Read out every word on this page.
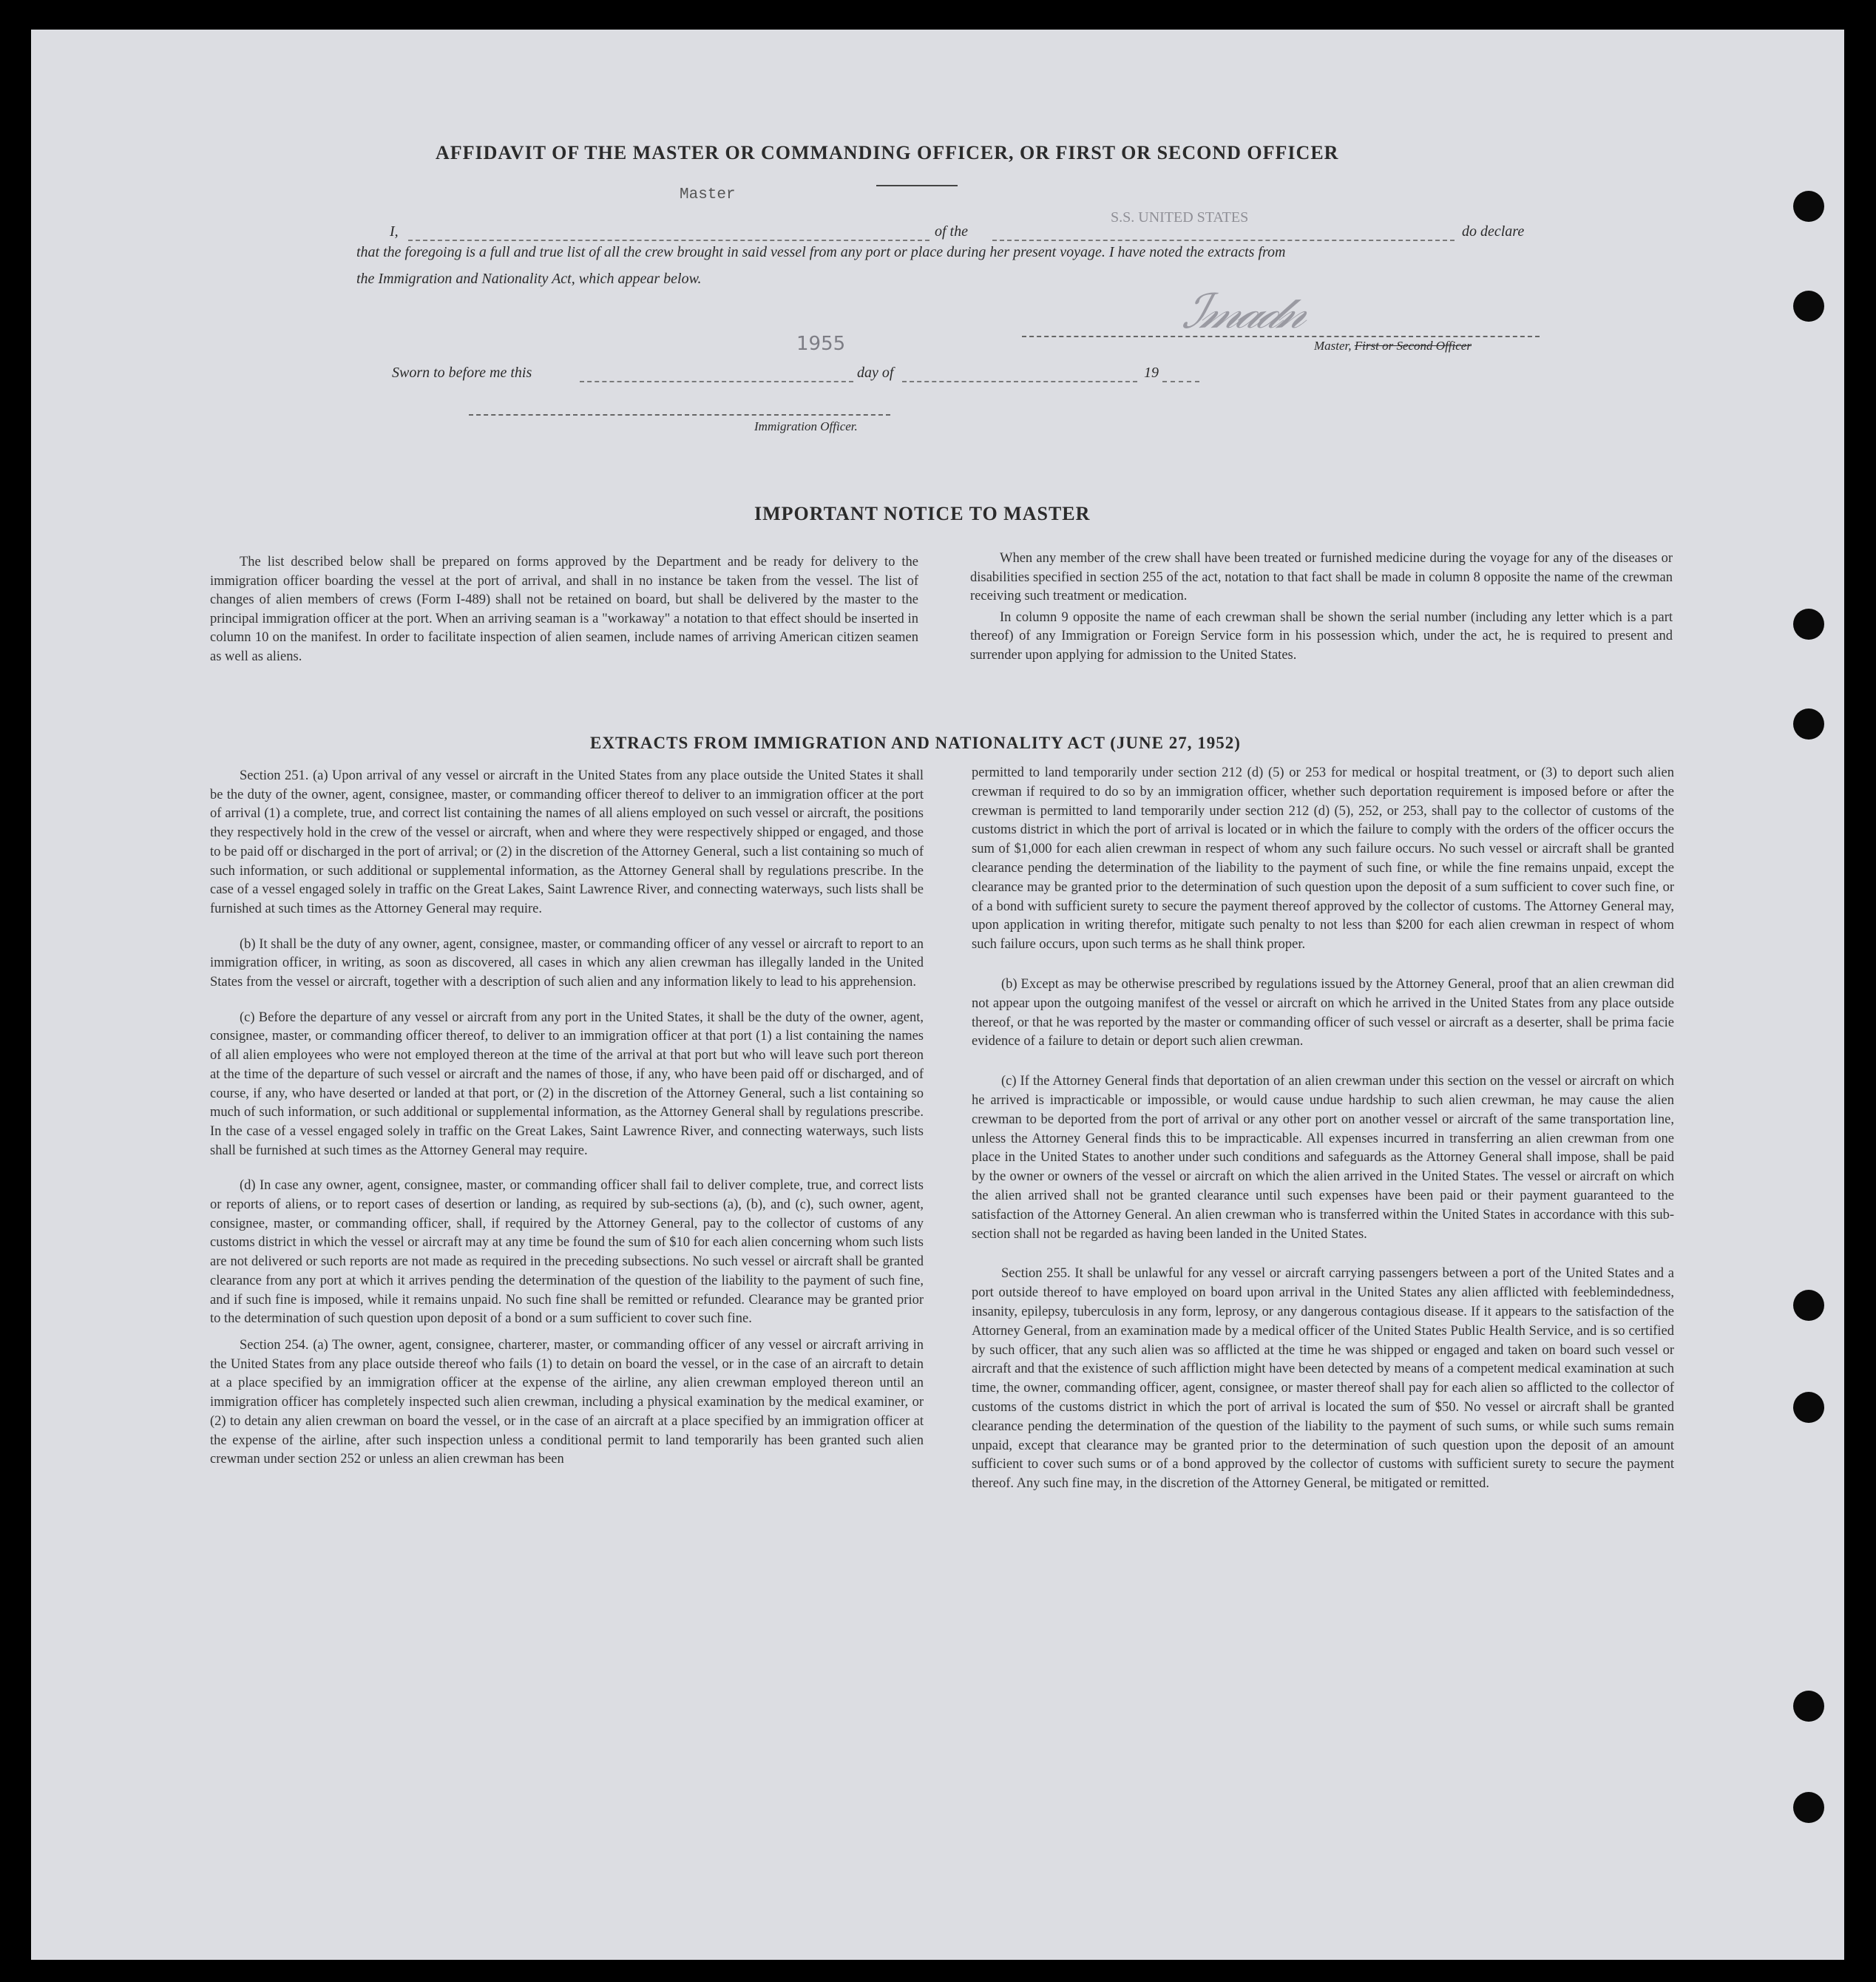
AFFIDAVIT OF THE MASTER OR COMMANDING OFFICER, OR FIRST OR SECOND OFFICER
Master
I,	of the
S.S. UNITED STATES
do declare
that the foregoing is a full and true list of all the crew brought in said vessel from any port or place during her present voyage. I have noted the extracts from
the Immigration and Nationality Act, which appear below.
ℐ𝓂𝒶𝒹𝓃
Master, First or Second Officer
1955
Sworn to before me this	day of	19
Immigration Officer.
IMPORTANT NOTICE TO MASTER

The list described below shall be prepared on forms approved by the Department and be ready for delivery to the immigration officer boarding the vessel at the port of arrival, and shall in no instance be taken from the vessel. The list of changes of alien members of crews (Form I-489) shall not be retained on board, but shall be delivered by the master to the principal immigration officer at the port. When an arriving seaman is a "workaway" a notation to that effect should be inserted in column 10 on the manifest. In order to facilitate inspection of alien seamen, include names of arriving American citizen seamen as well as aliens.

When any member of the crew shall have been treated or furnished medicine during the voyage for any of the diseases or disabilities specified in section 255 of the act, notation to that fact shall be made in column 8 opposite the name of the crewman receiving such treatment or medication.

In column 9 opposite the name of each crewman shall be shown the serial number (including any letter which is a part thereof) of any Immigration or Foreign Service form in his possession which, under the act, he is required to present and surrender upon applying for admission to the United States.

EXTRACTS FROM IMMIGRATION AND NATIONALITY ACT (JUNE 27, 1952)

Section 251. (a) Upon arrival of any vessel or aircraft in the United States from any place outside the United States it shall be the duty of the owner, agent, consignee, master, or commanding officer thereof to deliver to an immigration officer at the port of arrival (1) a complete, true, and correct list containing the names of all aliens employed on such vessel or aircraft, the positions they respectively hold in the crew of the vessel or aircraft, when and where they were respectively shipped or engaged, and those to be paid off or discharged in the port of arrival; or (2) in the discretion of the Attorney General, such a list containing so much of such information, or such additional or supplemental information, as the Attorney General shall by regulations prescribe. In the case of a vessel engaged solely in traffic on the Great Lakes, Saint Lawrence River, and connecting waterways, such lists shall be furnished at such times as the Attorney General may require.

(b) It shall be the duty of any owner, agent, consignee, master, or commanding officer of any vessel or aircraft to report to an immigration officer, in writing, as soon as discovered, all cases in which any alien crewman has illegally landed in the United States from the vessel or aircraft, together with a description of such alien and any information likely to lead to his apprehension.

(c) Before the departure of any vessel or aircraft from any port in the United States, it shall be the duty of the owner, agent, consignee, master, or commanding officer thereof, to deliver to an immigration officer at that port (1) a list containing the names of all alien employees who were not employed thereon at the time of the arrival at that port but who will leave such port thereon at the time of the departure of such vessel or aircraft and the names of those, if any, who have been paid off or discharged, and of course, if any, who have deserted or landed at that port, or (2) in the discretion of the Attorney General, such a list containing so much of such information, or such additional or supplemental information, as the Attorney General shall by regulations prescribe. In the case of a vessel engaged solely in traffic on the Great Lakes, Saint Lawrence River, and connecting waterways, such lists shall be furnished at such times as the Attorney General may require.

(d) In case any owner, agent, consignee, master, or commanding officer shall fail to deliver complete, true, and correct lists or reports of aliens, or to report cases of desertion or landing, as required by sub-sections (a), (b), and (c), such owner, agent, consignee, master, or commanding officer, shall, if required by the Attorney General, pay to the collector of customs of any customs district in which the vessel or aircraft may at any time be found the sum of $10 for each alien concerning whom such lists are not delivered or such reports are not made as required in the preceding subsections. No such vessel or aircraft shall be granted clearance from any port at which it arrives pending the determination of the question of the liability to the payment of such fine, and if such fine is imposed, while it remains unpaid. No such fine shall be remitted or refunded. Clearance may be granted prior to the determination of such question upon deposit of a bond or a sum sufficient to cover such fine.

Section 254. (a) The owner, agent, consignee, charterer, master, or commanding officer of any vessel or aircraft arriving in the United States from any place outside thereof who fails (1) to detain on board the vessel, or in the case of an aircraft to detain at a place specified by an immigration officer at the expense of the airline, any alien crewman employed thereon until an immigration officer has completely inspected such alien crewman, including a physical examination by the medical examiner, or (2) to detain any alien crewman on board the vessel, or in the case of an aircraft at a place specified by an immigration officer at the expense of the airline, after such inspection unless a conditional permit to land temporarily has been granted such alien crewman under section 252 or unless an alien crewman has been

permitted to land temporarily under section 212 (d) (5) or 253 for medical or hospital treatment, or (3) to deport such alien crewman if required to do so by an immigration officer, whether such deportation requirement is imposed before or after the crewman is permitted to land temporarily under section 212 (d) (5), 252, or 253, shall pay to the collector of customs of the customs district in which the port of arrival is located or in which the failure to comply with the orders of the officer occurs the sum of $1,000 for each alien crewman in respect of whom any such failure occurs. No such vessel or aircraft shall be granted clearance pending the determination of the liability to the payment of such fine, or while the fine remains unpaid, except the clearance may be granted prior to the determination of such question upon the deposit of a sum sufficient to cover such fine, or of a bond with sufficient surety to secure the payment thereof approved by the collector of customs. The Attorney General may, upon application in writing therefor, mitigate such penalty to not less than $200 for each alien crewman in respect of whom such failure occurs, upon such terms as he shall think proper.

(b) Except as may be otherwise prescribed by regulations issued by the Attorney General, proof that an alien crewman did not appear upon the outgoing manifest of the vessel or aircraft on which he arrived in the United States from any place outside thereof, or that he was reported by the master or commanding officer of such vessel or aircraft as a deserter, shall be prima facie evidence of a failure to detain or deport such alien crewman.

(c) If the Attorney General finds that deportation of an alien crewman under this section on the vessel or aircraft on which he arrived is impracticable or impossible, or would cause undue hardship to such alien crewman, he may cause the alien crewman to be deported from the port of arrival or any other port on another vessel or aircraft of the same transportation line, unless the Attorney General finds this to be impracticable. All expenses incurred in transferring an alien crewman from one place in the United States to another under such conditions and safeguards as the Attorney General shall impose, shall be paid by the owner or owners of the vessel or aircraft on which the alien arrived in the United States. The vessel or aircraft on which the alien arrived shall not be granted clearance until such expenses have been paid or their payment guaranteed to the satisfaction of the Attorney General. An alien crewman who is transferred within the United States in accordance with this sub-section shall not be regarded as having been landed in the United States.

Section 255. It shall be unlawful for any vessel or aircraft carrying passengers between a port of the United States and a port outside thereof to have employed on board upon arrival in the United States any alien afflicted with feeblemindedness, insanity, epilepsy, tuberculosis in any form, leprosy, or any dangerous contagious disease. If it appears to the satisfaction of the Attorney General, from an examination made by a medical officer of the United States Public Health Service, and is so certified by such officer, that any such alien was so afflicted at the time he was shipped or engaged and taken on board such vessel or aircraft and that the existence of such affliction might have been detected by means of a competent medical examination at such time, the owner, commanding officer, agent, consignee, or master thereof shall pay for each alien so afflicted to the collector of customs of the customs district in which the port of arrival is located the sum of $50. No vessel or aircraft shall be granted clearance pending the determination of the question of the liability to the payment of such sums, or while such sums remain unpaid, except that clearance may be granted prior to the determination of such question upon the deposit of an amount sufficient to cover such sums or of a bond approved by the collector of customs with sufficient surety to secure the payment thereof. Any such fine may, in the discretion of the Attorney General, be mitigated or remitted.
